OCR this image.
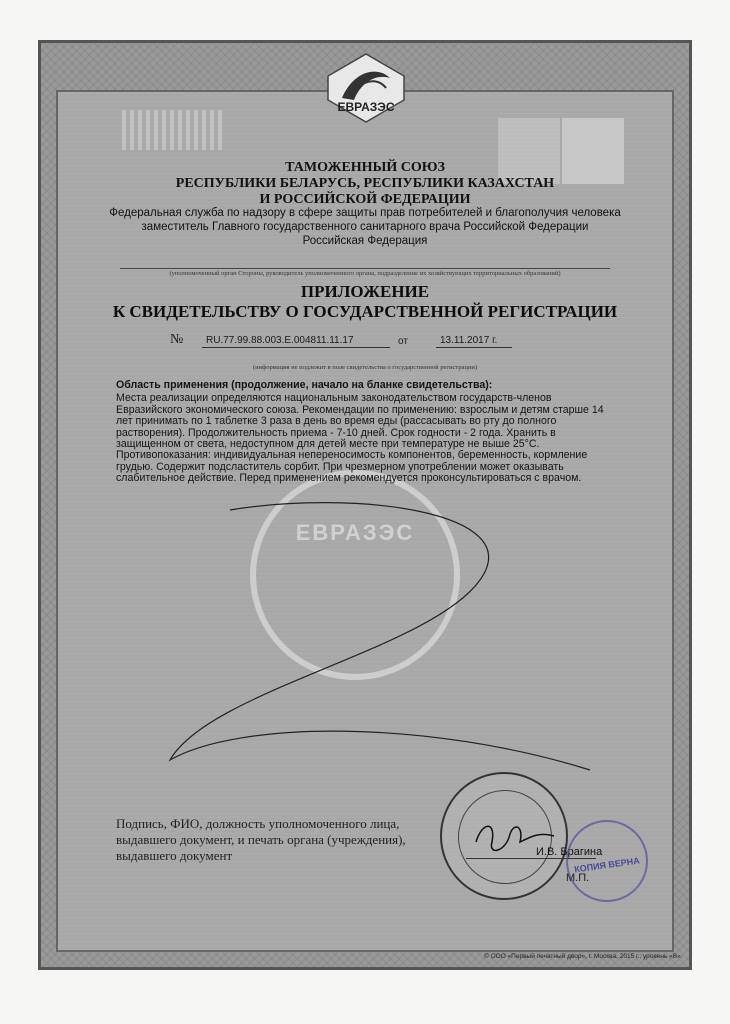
ЕВРАЗЭС
ТАМОЖЕННЫЙ СОЮЗ
РЕСПУБЛИКИ БЕЛАРУСЬ, РЕСПУБЛИКИ КАЗАХСТАН
И РОССИЙСКОЙ ФЕДЕРАЦИИ
Федеральная служба по надзору в сфере защиты прав потребителей и благополучия человека
заместитель Главного государственного санитарного врача Российской Федерации
Российская Федерация
(уполномоченный орган Стороны, руководитель уполномоченного органа, подразделение их хозяйствующих территориальных образований)
ПРИЛОЖЕНИЕ
К СВИДЕТЕЛЬСТВУ О ГОСУДАРСТВЕННОЙ РЕГИСТРАЦИИ
№ RU.77.99.88.003.E.004811.11.17	от	13.11.2017 г.
(информация не подлежит в поле свидетельства о государственной регистрации)
ЕВРАЗЭС
Область применения (продолжение, начало на бланке свидетельства):

Места реализации определяются национальным законодательством государств-членов Евразийского экономического союза. Рекомендации по применению: взрослым и детям старше 14 лет принимать по 1 таблетке 3 раза в день во время еды (рассасывать во рту до полного растворения). Продолжительность приема - 7-10 дней. Срок годности - 2 года. Хранить в защищенном от света, недоступном для детей месте при температуре не выше 25°С. Противопоказания: индивидуальная непереносимость компонентов, беременность, кормление грудью. Содержит подсластитель сорбит. При чрезмерном употреблении может оказывать слабительное действие. Перед применением рекомендуется проконсультироваться с врачом.

Подпись, ФИО, должность уполномоченного лица, выдавшего документ, и печать органа (учреждения), выдавшего документ	И.В. Брагина
М.П.
КОПИЯ ВЕРНА
© ООО «Первый печатный двор», г. Москва, 2015 г., уровень «В».
